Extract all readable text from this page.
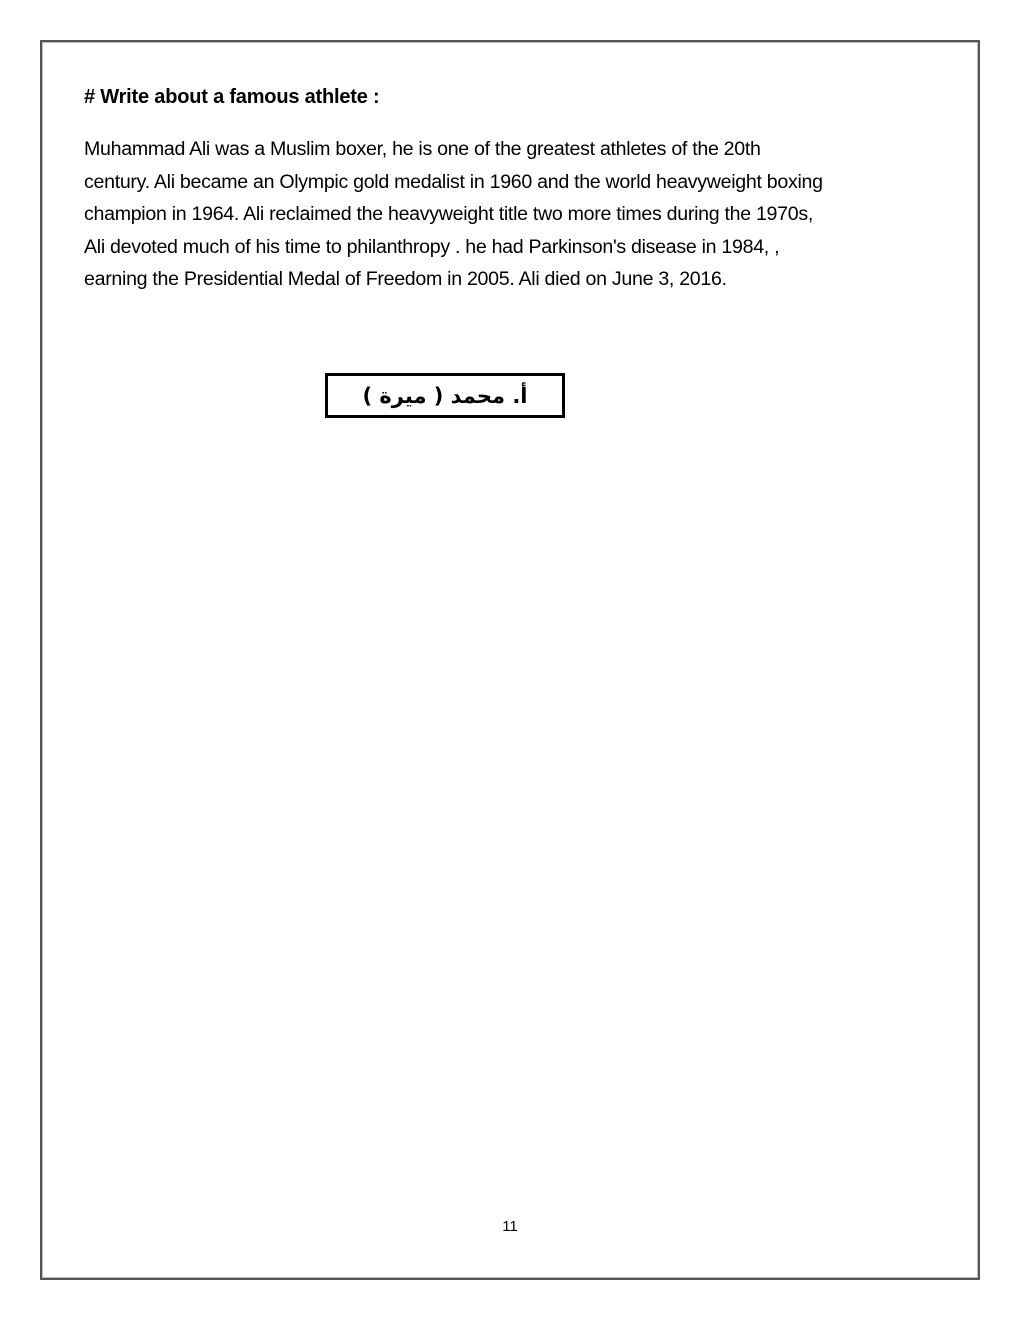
# Write about a famous athlete :

Muhammad Ali was a Muslim boxer, he is one of the greatest athletes of the 20th
century. Ali became an Olympic gold medalist in 1960 and the world heavyweight boxing
champion in 1964. Ali reclaimed the heavyweight title two more times during the 1970s,
Ali devoted much of his time to philanthropy . he had Parkinson's disease in 1984, ,
earning the Presidential Medal of Freedom in 2005. Ali died on June 3, 2016.

أ. محمد ( ميرة )
11
